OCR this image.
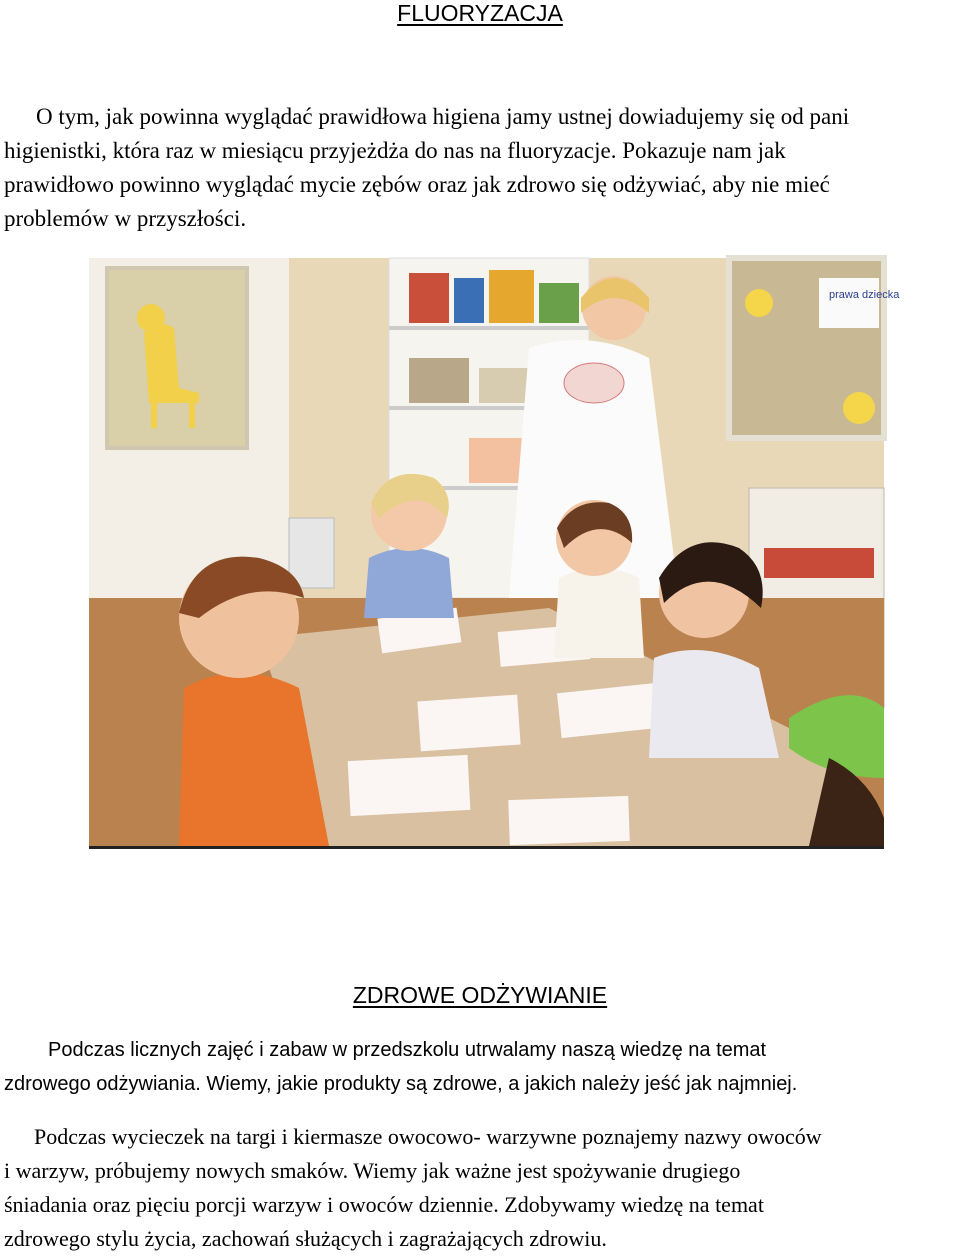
FLUORYZACJA
O tym, jak powinna wyglądać prawidłowa higiena jamy ustnej dowiadujemy się od pani
higienistki, która raz w miesiącu przyjeżdża do nas na fluoryzacje. Pokazuje nam jak
prawidłowo powinno wyglądać mycie zębów oraz jak zdrowo się odżywiać, aby nie mieć
problemów w przyszłości.
prawa dziecka
ZDROWE ODŻYWIANIE
Podczas licznych zajęć i zabaw w przedszkolu utrwalamy naszą wiedzę na temat
zdrowego odżywiania. Wiemy, jakie produkty są zdrowe, a jakich należy jeść jak najmniej.
Podczas wycieczek na targi i kiermasze owocowo- warzywne poznajemy nazwy owoców
i warzyw, próbujemy nowych smaków. Wiemy jak ważne jest spożywanie drugiego
śniadania oraz pięciu porcji warzyw i owoców dziennie. Zdobywamy wiedzę na temat
zdrowego stylu życia, zachowań służących i zagrażających zdrowiu.
